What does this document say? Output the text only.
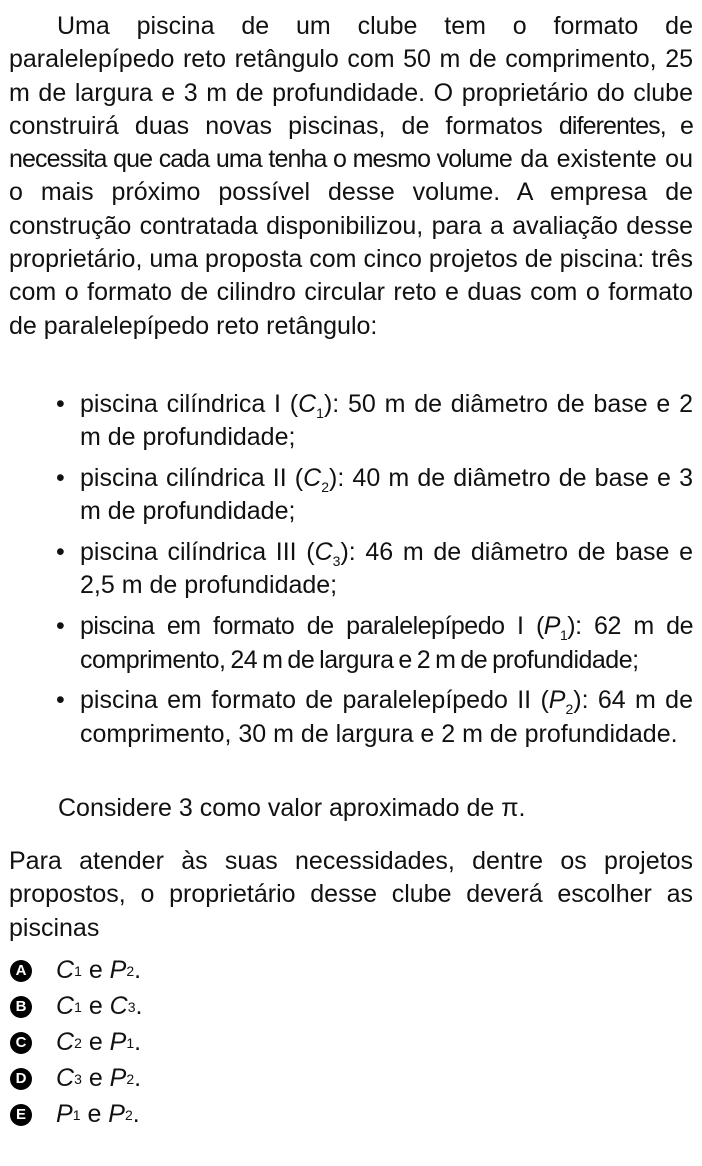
Uma piscina de um clube tem o formato de paralelepípedo reto retângulo com 50 m de comprimento, 25 m de largura e 3 m de profundidade. O proprietário do clube construirá duas novas piscinas, de formatos diferentes, e necessita que cada uma tenha o mesmo volume da existente ou o mais próximo possível desse volume. A empresa de construção contratada disponibilizou, para a avaliação desse proprietário, uma proposta com cinco projetos de piscina: três com o formato de cilindro circular reto e duas com o formato de paralelepípedo reto retângulo:

• piscina cilíndrica I $(C_1)$: 50 m de diâmetro de base e 2 m de profundidade;
• piscina cilíndrica II $(C_2)$: 40 m de diâmetro de base e 3 m de profundidade;
• piscina cilíndrica III $(C_3)$: 46 m de diâmetro de base e 2,5 m de profundidade;
• piscina em formato de paralelepípedo I $(P_1)$: 62 m de comprimento, 24 m de largura e 2 m de profundidade;
• piscina em formato de paralelepípedo II $(P_2)$: 64 m de comprimento, 30 m de largura e 2 m de profundidade.
Considere 3 como valor aproximado de π.

Para atender às suas necessidades, dentre os projetos propostos, o proprietário desse clube deverá escolher as piscinas

A C 1
e
P 2 .
B C 1
e
C 3 .
C C 2
e
P 1 .
D C 3
e
P 2 .
E P 1
e
P 2 .
